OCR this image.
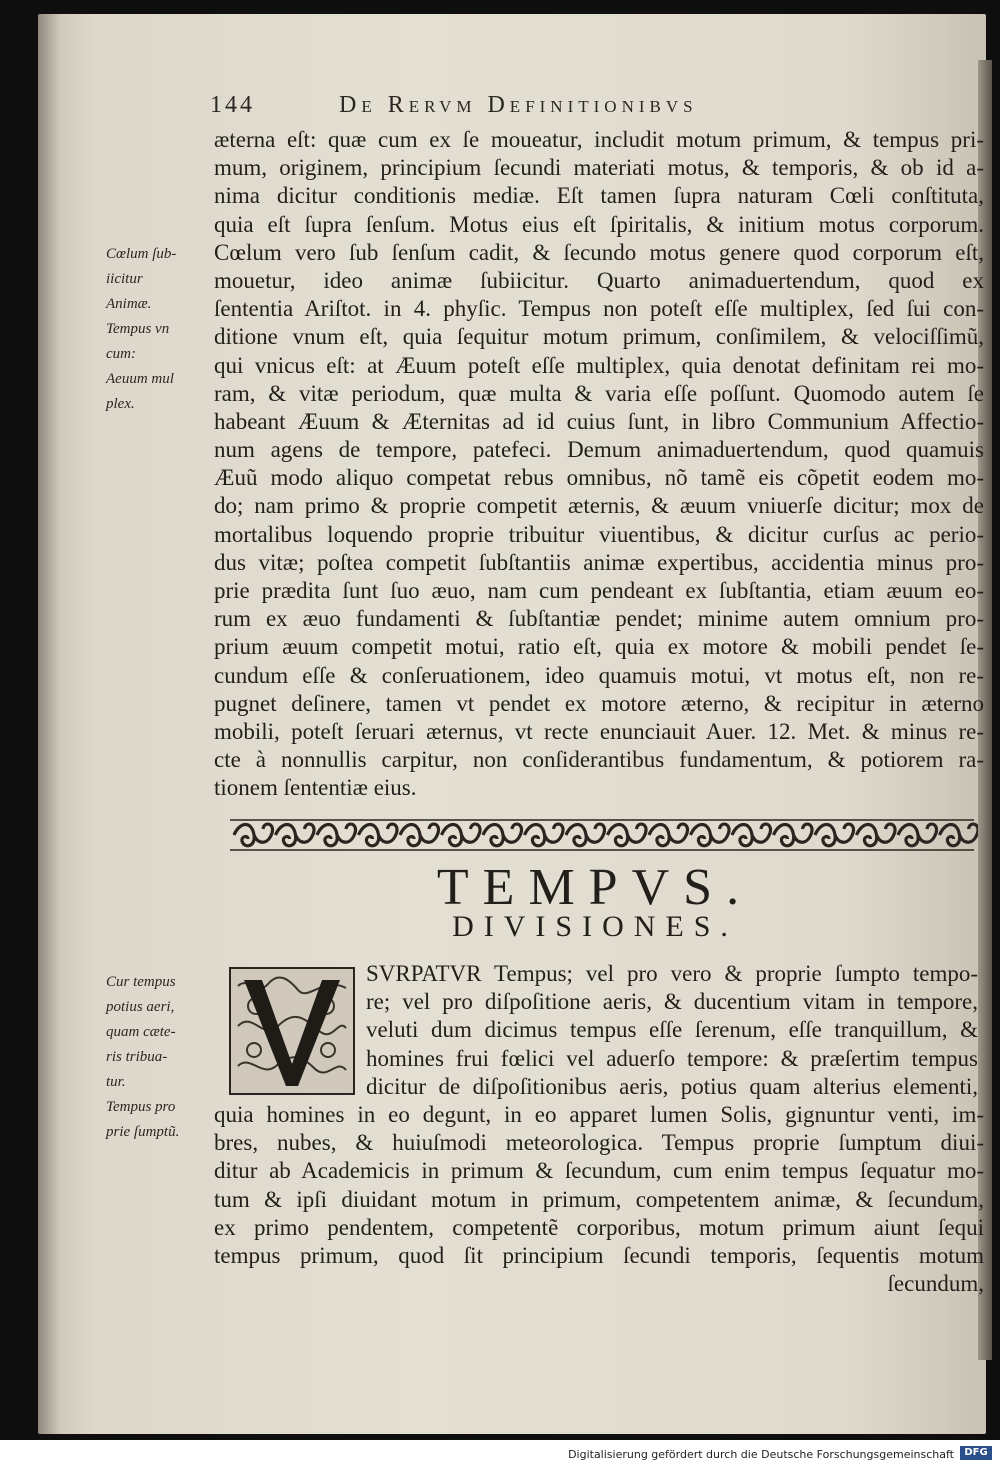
144	De Rervm Definitionibvs
æterna eſt: quæ cum ex ſe moueatur, includit motum primum, & tempus pri-
mum, originem, principium ſecundi materiati motus, & temporis, & ob id a-
nima dicitur conditionis mediæ. Eſt tamen ſupra naturam Cœli conſtituta,
quia eſt ſupra ſenſum. Motus eius eſt ſpiritalis, & initium motus corporum.
Cœlum vero ſub ſenſum cadit, & ſecundo motus genere quod corporum eſt,
mouetur, ideo animæ ſubiicitur. Quarto animaduertendum, quod ex
ſententia Ariſtot. in 4. phyſic. Tempus non poteſt eſſe multiplex, ſed ſui con-
ditione vnum eſt, quia ſequitur motum primum, conſimilem, & velociſſimũ,
qui vnicus eſt: at Æuum poteſt eſſe multiplex, quia denotat definitam rei mo-
ram, & vitæ periodum, quæ multa & varia eſſe poſſunt. Quomodo autem ſe
habeant Æuum & Æternitas ad id cuius ſunt, in libro Communium Affectio-
num agens de tempore, patefeci. Demum animaduertendum, quod quamuis
Æuũ modo aliquo competat rebus omnibus, nõ tamẽ eis cõpetit eodem mo-
do; nam primo & proprie competit æternis, & æuum vniuerſe dicitur; mox de
mortalibus loquendo proprie tribuitur viuentibus, & dicitur curſus ac perio-
dus vitæ; poſtea competit ſubſtantiis animæ expertibus, accidentia minus pro-
prie prædita ſunt ſuo æuo, nam cum pendeant ex ſubſtantia, etiam æuum eo-
rum ex æuo fundamenti & ſubſtantiæ pendet; minime autem omnium pro-
prium æuum competit motui, ratio eſt, quia ex motore & mobili pendet ſe-
cundum eſſe & conſeruationem, ideo quamuis motui, vt motus eſt, non re-
pugnet deſinere, tamen vt pendet ex motore æterno, & recipitur in æterno
mobili, poteſt ſeruari æternus, vt recte enunciauit Auer. 12. Met. & minus re-
cte à nonnullis carpitur, non conſiderantibus fundamentum, & potiorem ra-
tionem ſententiæ eius.
Cœlum ſub-
iicitur
Animæ.
Tempus vn
cum:
Aeuum mul
plex.
TEMPVS.
DIVISIONES.
SVRPATVR Tempus; vel pro vero & proprie ſumpto tempo-
re; vel pro diſpoſitione aeris, & ducentium vitam in tempore,
veluti dum dicimus tempus eſſe ſerenum, eſſe tranquillum, &
homines frui fœlici vel aduerſo tempore: & præſertim tempus
dicitur de diſpoſitionibus aeris, potius quam alterius elementi,
Cur tempus
potius aeri,
quam cæte-
ris tribua-
tur.
Tempus pro
prie ſumptũ.
quia homines in eo degunt, in eo apparet lumen Solis, gignuntur venti, im-
bres, nubes, & huiuſmodi meteorologica. Tempus proprie ſumptum diui-
ditur ab Academicis in primum & ſecundum, cum enim tempus ſequatur mo-
tum & ipſi diuidant motum in primum, competentem animæ, & ſecundum,
ex primo pendentem, competentẽ corporibus, motum primum aiunt ſequi
tempus primum, quod ſit principium ſecundi temporis, ſequentis motum
ſecundum,
Digitalisierung gefördert durch die Deutsche Forschungsgemeinschaft	DFG
